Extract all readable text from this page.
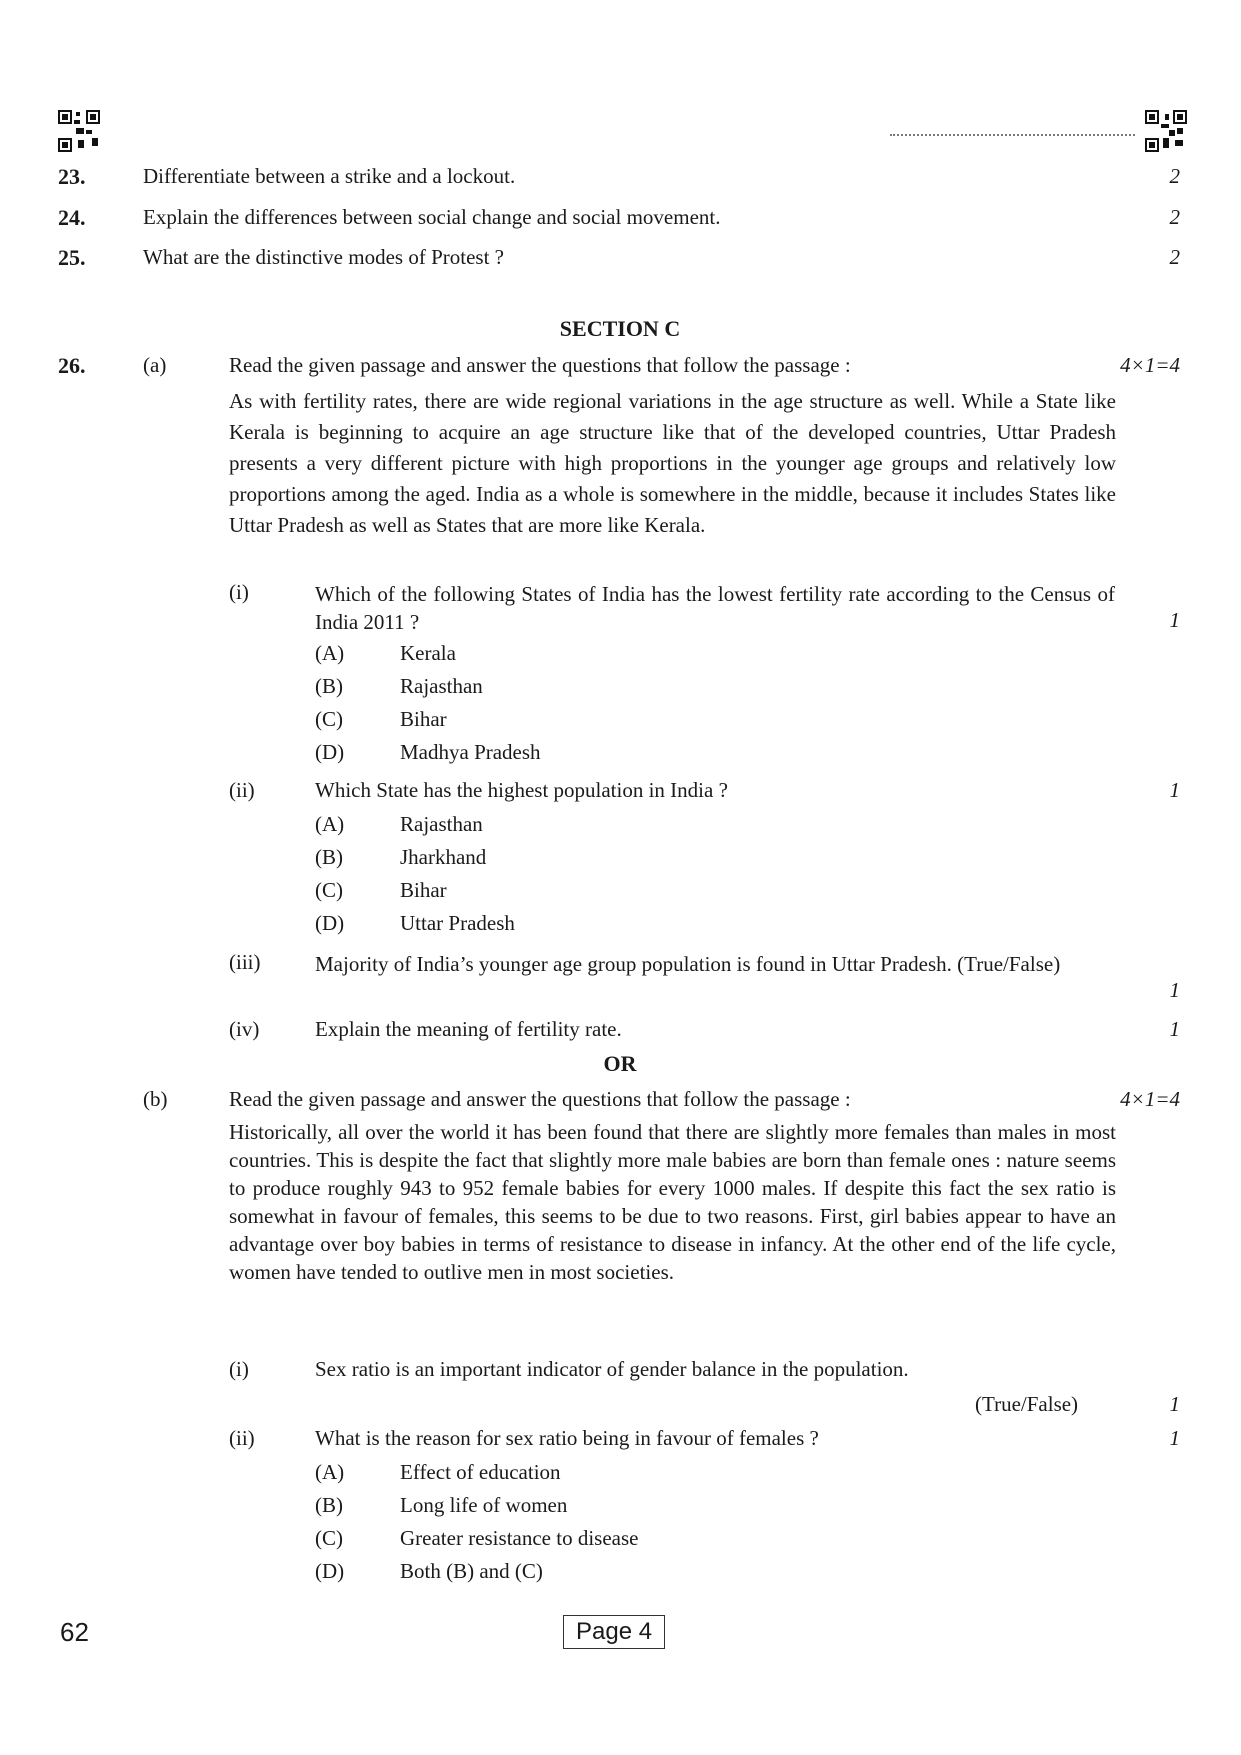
23.	Differentiate between a strike and a lockout.	2
24.	Explain the differences between social change and social movement.	2
25.	What are the distinctive modes of Protest ?	2
SECTION C
26.	(a)	Read the given passage and answer the questions that follow the passage :	4×1=4
As with fertility rates, there are wide regional variations in the age structure as well. While a State like Kerala is beginning to acquire an age structure like that of the developed countries, Uttar Pradesh presents a very different picture with high proportions in the younger age groups and relatively low proportions among the aged. India as a whole is somewhere in the middle, because it includes States like Uttar Pradesh as well as States that are more like Kerala.
(i)	Which of the following States of India has the lowest fertility rate according to the Census of India 2011 ?	1
(A)	Kerala
(B)	Rajasthan
(C)	Bihar
(D)	Madhya Pradesh
(ii)	Which State has the highest population in India ?	1
(A)	Rajasthan
(B)	Jharkhand
(C)	Bihar
(D)	Uttar Pradesh
(iii)	Majority of India’s younger age group population is found in Uttar Pradesh. (True/False)
1
(iv)	Explain the meaning of fertility rate.	1
OR
(b)	Read the given passage and answer the questions that follow the passage :	4×1=4
Historically, all over the world it has been found that there are slightly more females than males in most countries. This is despite the fact that slightly more male babies are born than female ones : nature seems to produce roughly 943 to 952 female babies for every 1000 males. If despite this fact the sex ratio is somewhat in favour of females, this seems to be due to two reasons. First, girl babies appear to have an advantage over boy babies in terms of resistance to disease in infancy. At the other end of the life cycle, women have tended to outlive men in most societies.
(i)	Sex ratio is an important indicator of gender balance in the population.
(True/False)	1
(ii)	What is the reason for sex ratio being in favour of females ?	1
(A)	Effect of education
(B)	Long life of women
(C)	Greater resistance to disease
(D)	Both (B) and (C)
62	Page 4
